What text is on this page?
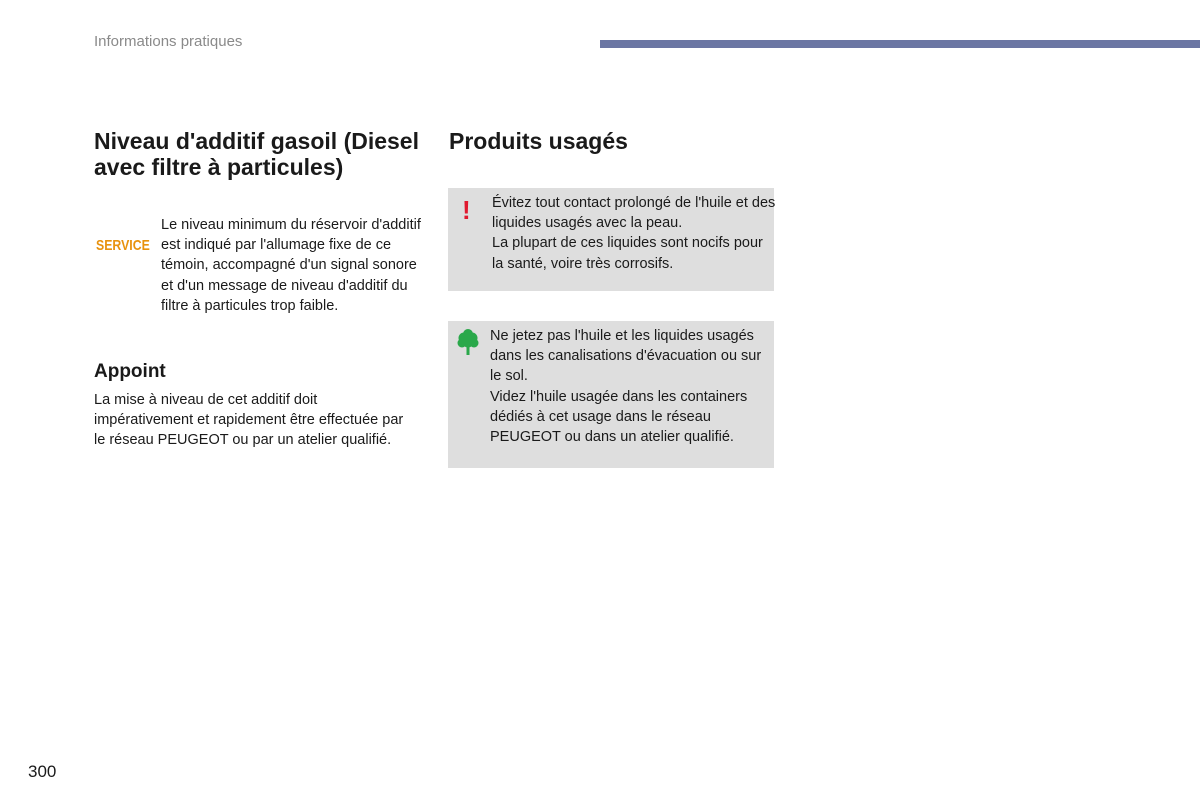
Informations pratiques
Niveau d'additif gasoil (Diesel avec filtre à particules)
SERVICE
Le niveau minimum du réservoir d'additif est indiqué par l'allumage fixe de ce témoin, accompagné d'un signal sonore et d'un message de niveau d'additif du filtre à particules trop faible.
Appoint
La mise à niveau de cet additif doit impérativement et rapidement être effectuée par le réseau PEUGEOT ou par un atelier qualifié.
Produits usagés
! Évitez tout contact prolongé de l'huile et des liquides usagés avec la peau.
La plupart de ces liquides sont nocifs pour la santé, voire très corrosifs.
Ne jetez pas l'huile et les liquides usagés dans les canalisations d'évacuation ou sur le sol.
Videz l'huile usagée dans les containers dédiés à cet usage dans le réseau PEUGEOT ou dans un atelier qualifié.
300
